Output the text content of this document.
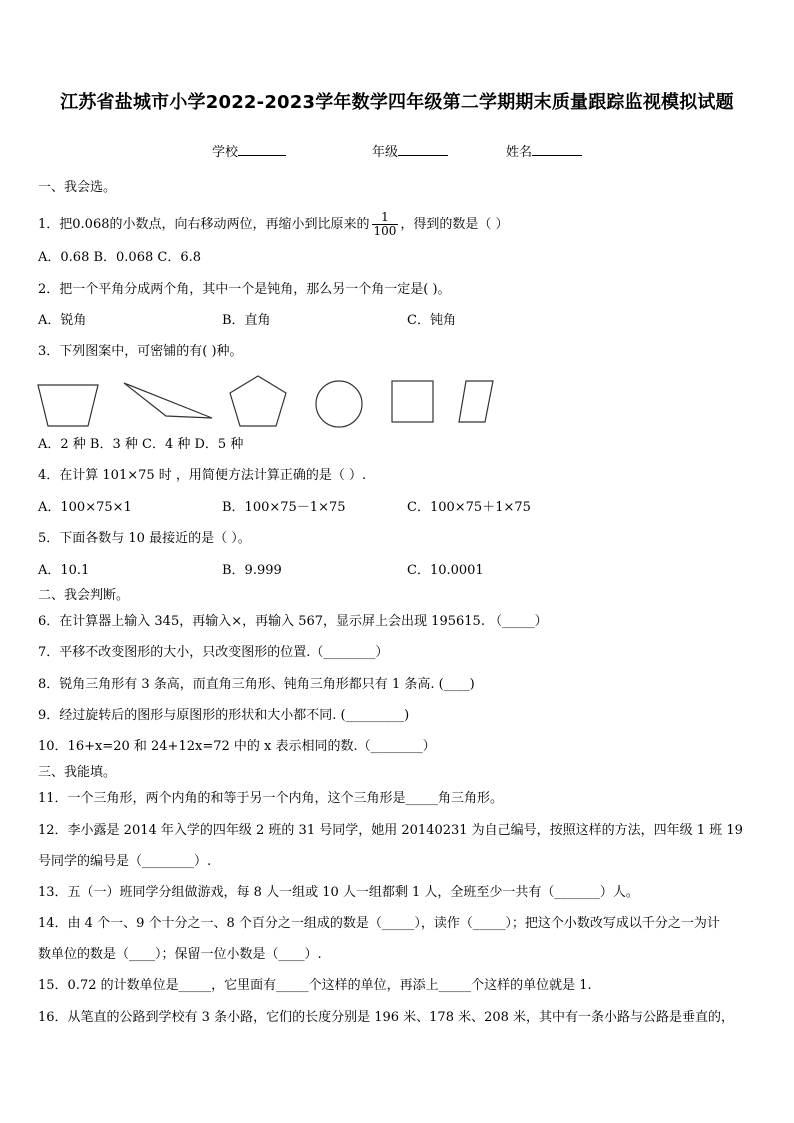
江苏省盐城市小学2022-2023学年数学四年级第二学期期末质量跟踪监视模拟试题
学校	年级	姓名
一、我会选。
1．把0.068的小数点，向右移动两位，再缩小到比原来的 $\frac{1}{100}$ ，得到的数是（ ）
A．0.68 B．0.068 C．6.8
2．把一个平角分成两个角，其中一个是钝角，那么另一个角一定是( )。
A．锐角	B．直角	C．钝角
3．下列图案中，可密铺的有( )种。
A．2 种 B．3 种 C．4 种 D．5 种
4．在计算 101×75 时 ，用简便方法计算正确的是（ ）.
A．100×75×1	B．100×75－1×75	C．100×75＋1×75
5．下面各数与 10 最接近的是（ ）。
A．10.1	B．9.999	C．10.0001
二、我会判断。
6．在计算器上输入 345，再输入×，再输入 567，显示屏上会出现 195615. （_____）
7．平移不改变图形的大小，只改变图形的位置.（________）
8．锐角三角形有 3 条高，而直角三角形、钝角三角形都只有 1 条高. (____)
9．经过旋转后的图形与原图形的形状和大小都不同. (_________)
10．16+x=20 和 24+12x=72 中的 x 表示相同的数.（________）
三、我能填。
11．一个三角形，两个内角的和等于另一个内角，这个三角形是_____角三角形。
12．李小露是 2014 年入学的四年级 2 班的 31 号同学，她用 20140231 为自己编号，按照这样的方法，四年级 1 班 19
号同学的编号是（________）.
13．五（一）班同学分组做游戏，每 8 人一组或 10 人一组都剩 1 人，全班至少一共有（_______）人。
14．由 4 个一、9 个十分之一、8 个百分之一组成的数是（_____），读作（_____）；把这个小数改写成以千分之一为计
数单位的数是（____）；保留一位小数是（____）.
15．0.72 的计数单位是_____，它里面有_____个这样的单位，再添上_____个这样的单位就是 1.
16．从笔直的公路到学校有 3 条小路，它们的长度分别是 196 米、178 米、208 米，其中有一条小路与公路是垂直的，
